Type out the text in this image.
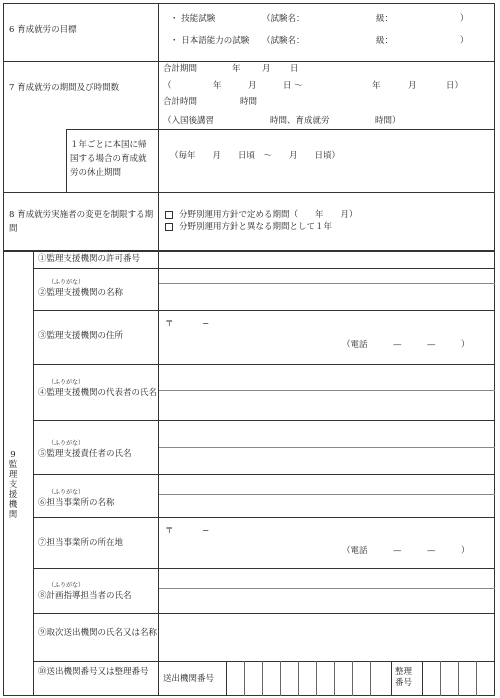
6 育成就労の目標
・ 技能試験	（試験名：	級：	）
・ 日本語能力の試験 （試験名：	級：	）
7 育成就労の期間及び時間数
合計期間	年	月 日
（	年	月	日 〜	年	月	日）
合計時間	時間
（入国後講習	時間、育成就労	時間）
１年ごとに本国に帰国する場合の育成就労の休止期間
（毎年　　月　　日頃　〜　　月　　日頃）
8 育成就労実施者の変更を制限する期間
分野別運用方針で定める期間（　　年　　月）
分野別運用方針と異なる期間として１年
9監理支援機関
①監理支援機関の許可番号
（ふりがな）
②監理支援機関の名称
③監理支援機関の住所
〒	−
（電話　　　—　　　—　　　）
（ふりがな）
④監理支援機関の代表者の氏名
（ふりがな）
⑤監理支援責任者の氏名
（ふりがな）
⑥担当事業所の名称
⑦担当事業所の所在地
〒	−
（電話　　　—　　　—　　　）
（ふりがな）
⑧計画指導担当者の氏名
⑨取次送出機関の氏名又は名称
⑩送出機関番号又は整理番号
送出機関番号
整理番号
